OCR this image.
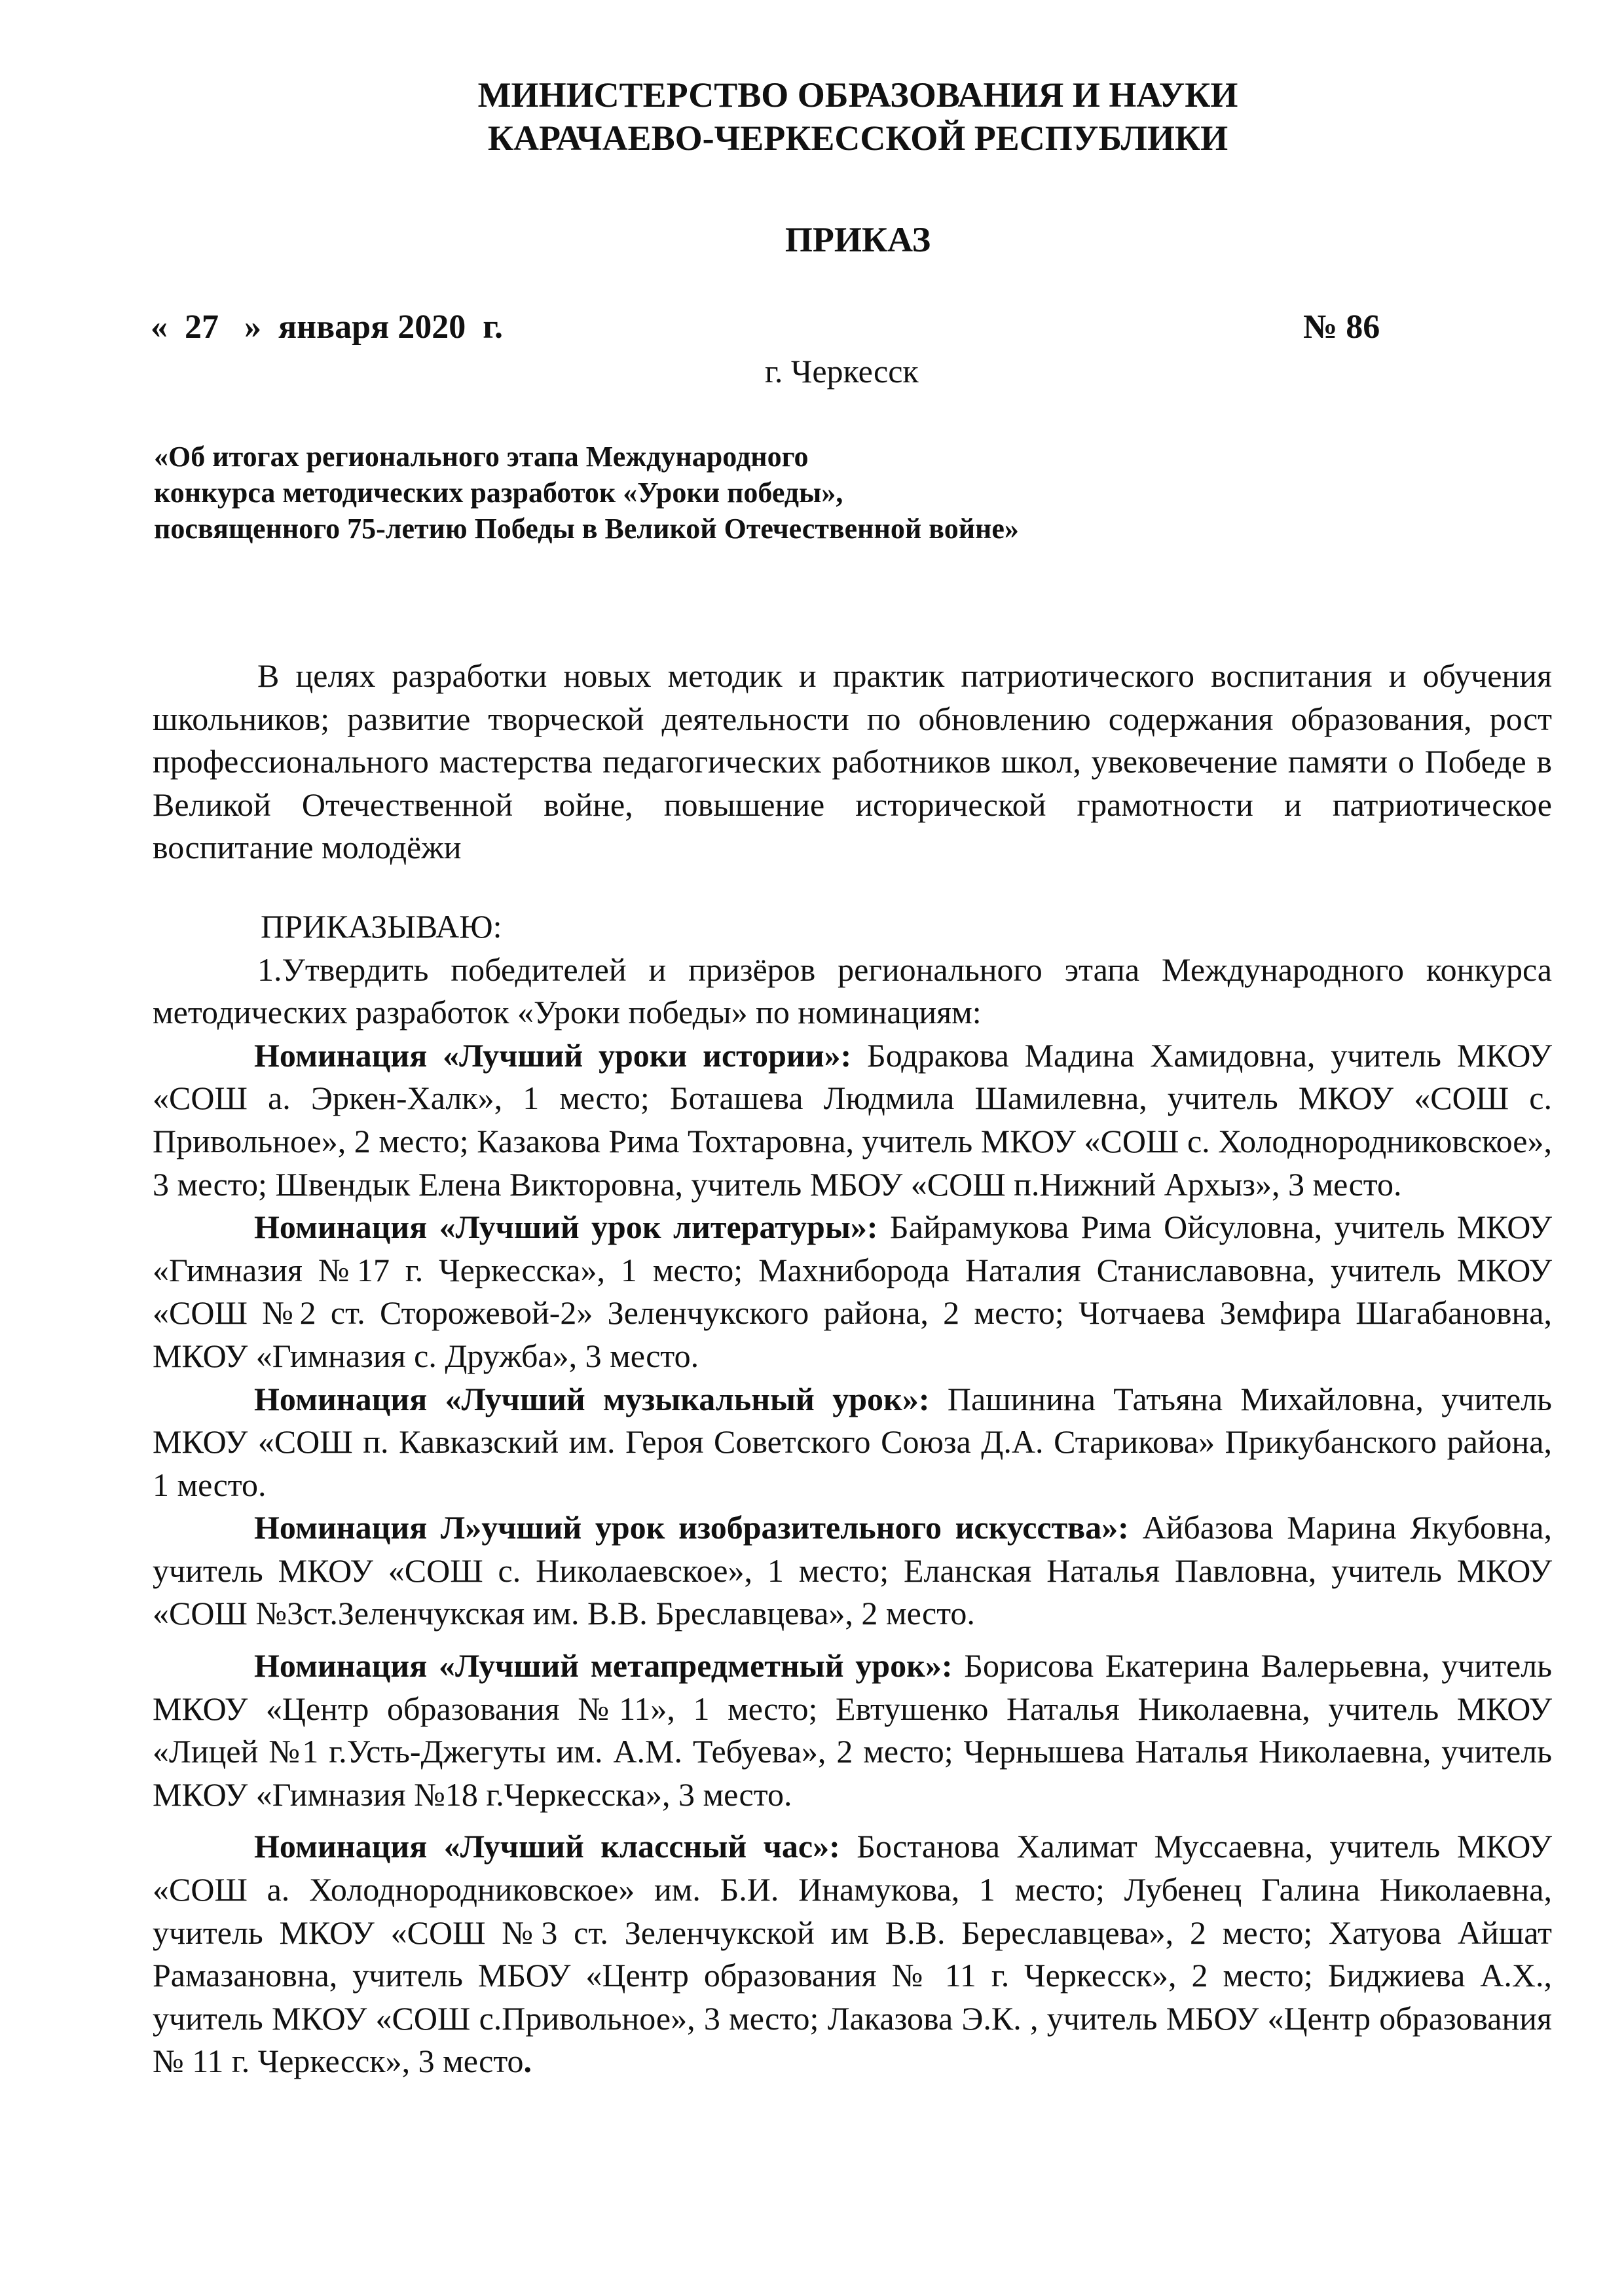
МИНИСТЕРСТВО ОБРАЗОВАНИЯ И НАУКИ
КАРАЧАЕВО-ЧЕРКЕССКОЙ РЕСПУБЛИКИ
ПРИКАЗ
«  27   »  января 2020  г.	№ 86
г. Черкесск
«Об итогах регионального этапа Международного
конкурса методических разработок «Уроки победы»,
посвященного 75-летию Победы в Великой Отечественной войне»

В целях разработки новых методик и практик патриотического воспитания и обучения школьников; развитие творческой деятельности по обновлению содержания образования, рост профессионального мастерства педагогических работников школ, увековечение памяти о Победе в Великой Отечественной войне, повышение исторической грамотности и патриотическое воспитание молодёжи

ПРИКАЗЫВАЮ:

1.Утвердить победителей и призёров регионального этапа Международного конкурса методических разработок «Уроки победы» по номинациям:

Номинация «Лучший уроки истории»: Бодракова Мадина Хамидовна, учитель МКОУ «СОШ а. Эркен-Халк», 1 место; Боташева Людмила Шамилевна, учитель МКОУ «СОШ с. Привольное», 2 место; Казакова Рима Тохтаровна, учитель МКОУ «СОШ с. Холоднородниковское», 3 место; Швендык Елена Викторовна, учитель МБОУ «СОШ п.Нижний Архыз», 3 место.

Номинация «Лучший урок литературы»: Байрамукова Рима Ойсуловна, учитель МКОУ «Гимназия №17 г. Черкесска», 1 место; Махниборода Наталия Станиславовна, учитель МКОУ «СОШ №2 ст. Сторожевой-2» Зеленчукского района, 2 место; Чотчаева Земфира Шагабановна, МКОУ «Гимназия с. Дружба», 3 место.

Номинация «Лучший музыкальный урок»: Пашинина Татьяна Михайловна, учитель МКОУ «СОШ п. Кавказский им. Героя Советского Союза Д.А. Старикова» Прикубанского района, 1 место.

Номинация Л»учший урок изобразительного искусства»: Айбазова Марина Якубовна, учитель МКОУ «СОШ с. Николаевское», 1 место; Еланская Наталья Павловна, учитель МКОУ «СОШ №3ст.Зеленчукская им. В.В. Бреславцева», 2 место.

Номинация «Лучший метапредметный урок»: Борисова Екатерина Валерьевна, учитель МКОУ «Центр образования №11», 1 место; Евтушенко Наталья Николаевна, учитель МКОУ «Лицей №1 г.Усть-Джегуты им. А.М. Тебуева», 2 место; Чернышева Наталья Николаевна, учитель МКОУ «Гимназия №18 г.Черкесска», 3 место.

Номинация «Лучший классный час»: Бостанова Халимат Муссаевна, учитель МКОУ «СОШ а. Холоднородниковское» им. Б.И. Инамукова, 1 место; Лубенец Галина Николаевна, учитель МКОУ «СОШ №3 ст. Зеленчукской им В.В. Береславцева», 2 место; Хатуова Айшат Рамазановна, учитель МБОУ «Центр образования № 11 г. Черкесск», 2 место; Биджиева А.Х., учитель МКОУ «СОШ с.Привольное», 3 место; Лаказова Э.К. , учитель МБОУ «Центр образования № 11 г. Черкесск», 3 место.
